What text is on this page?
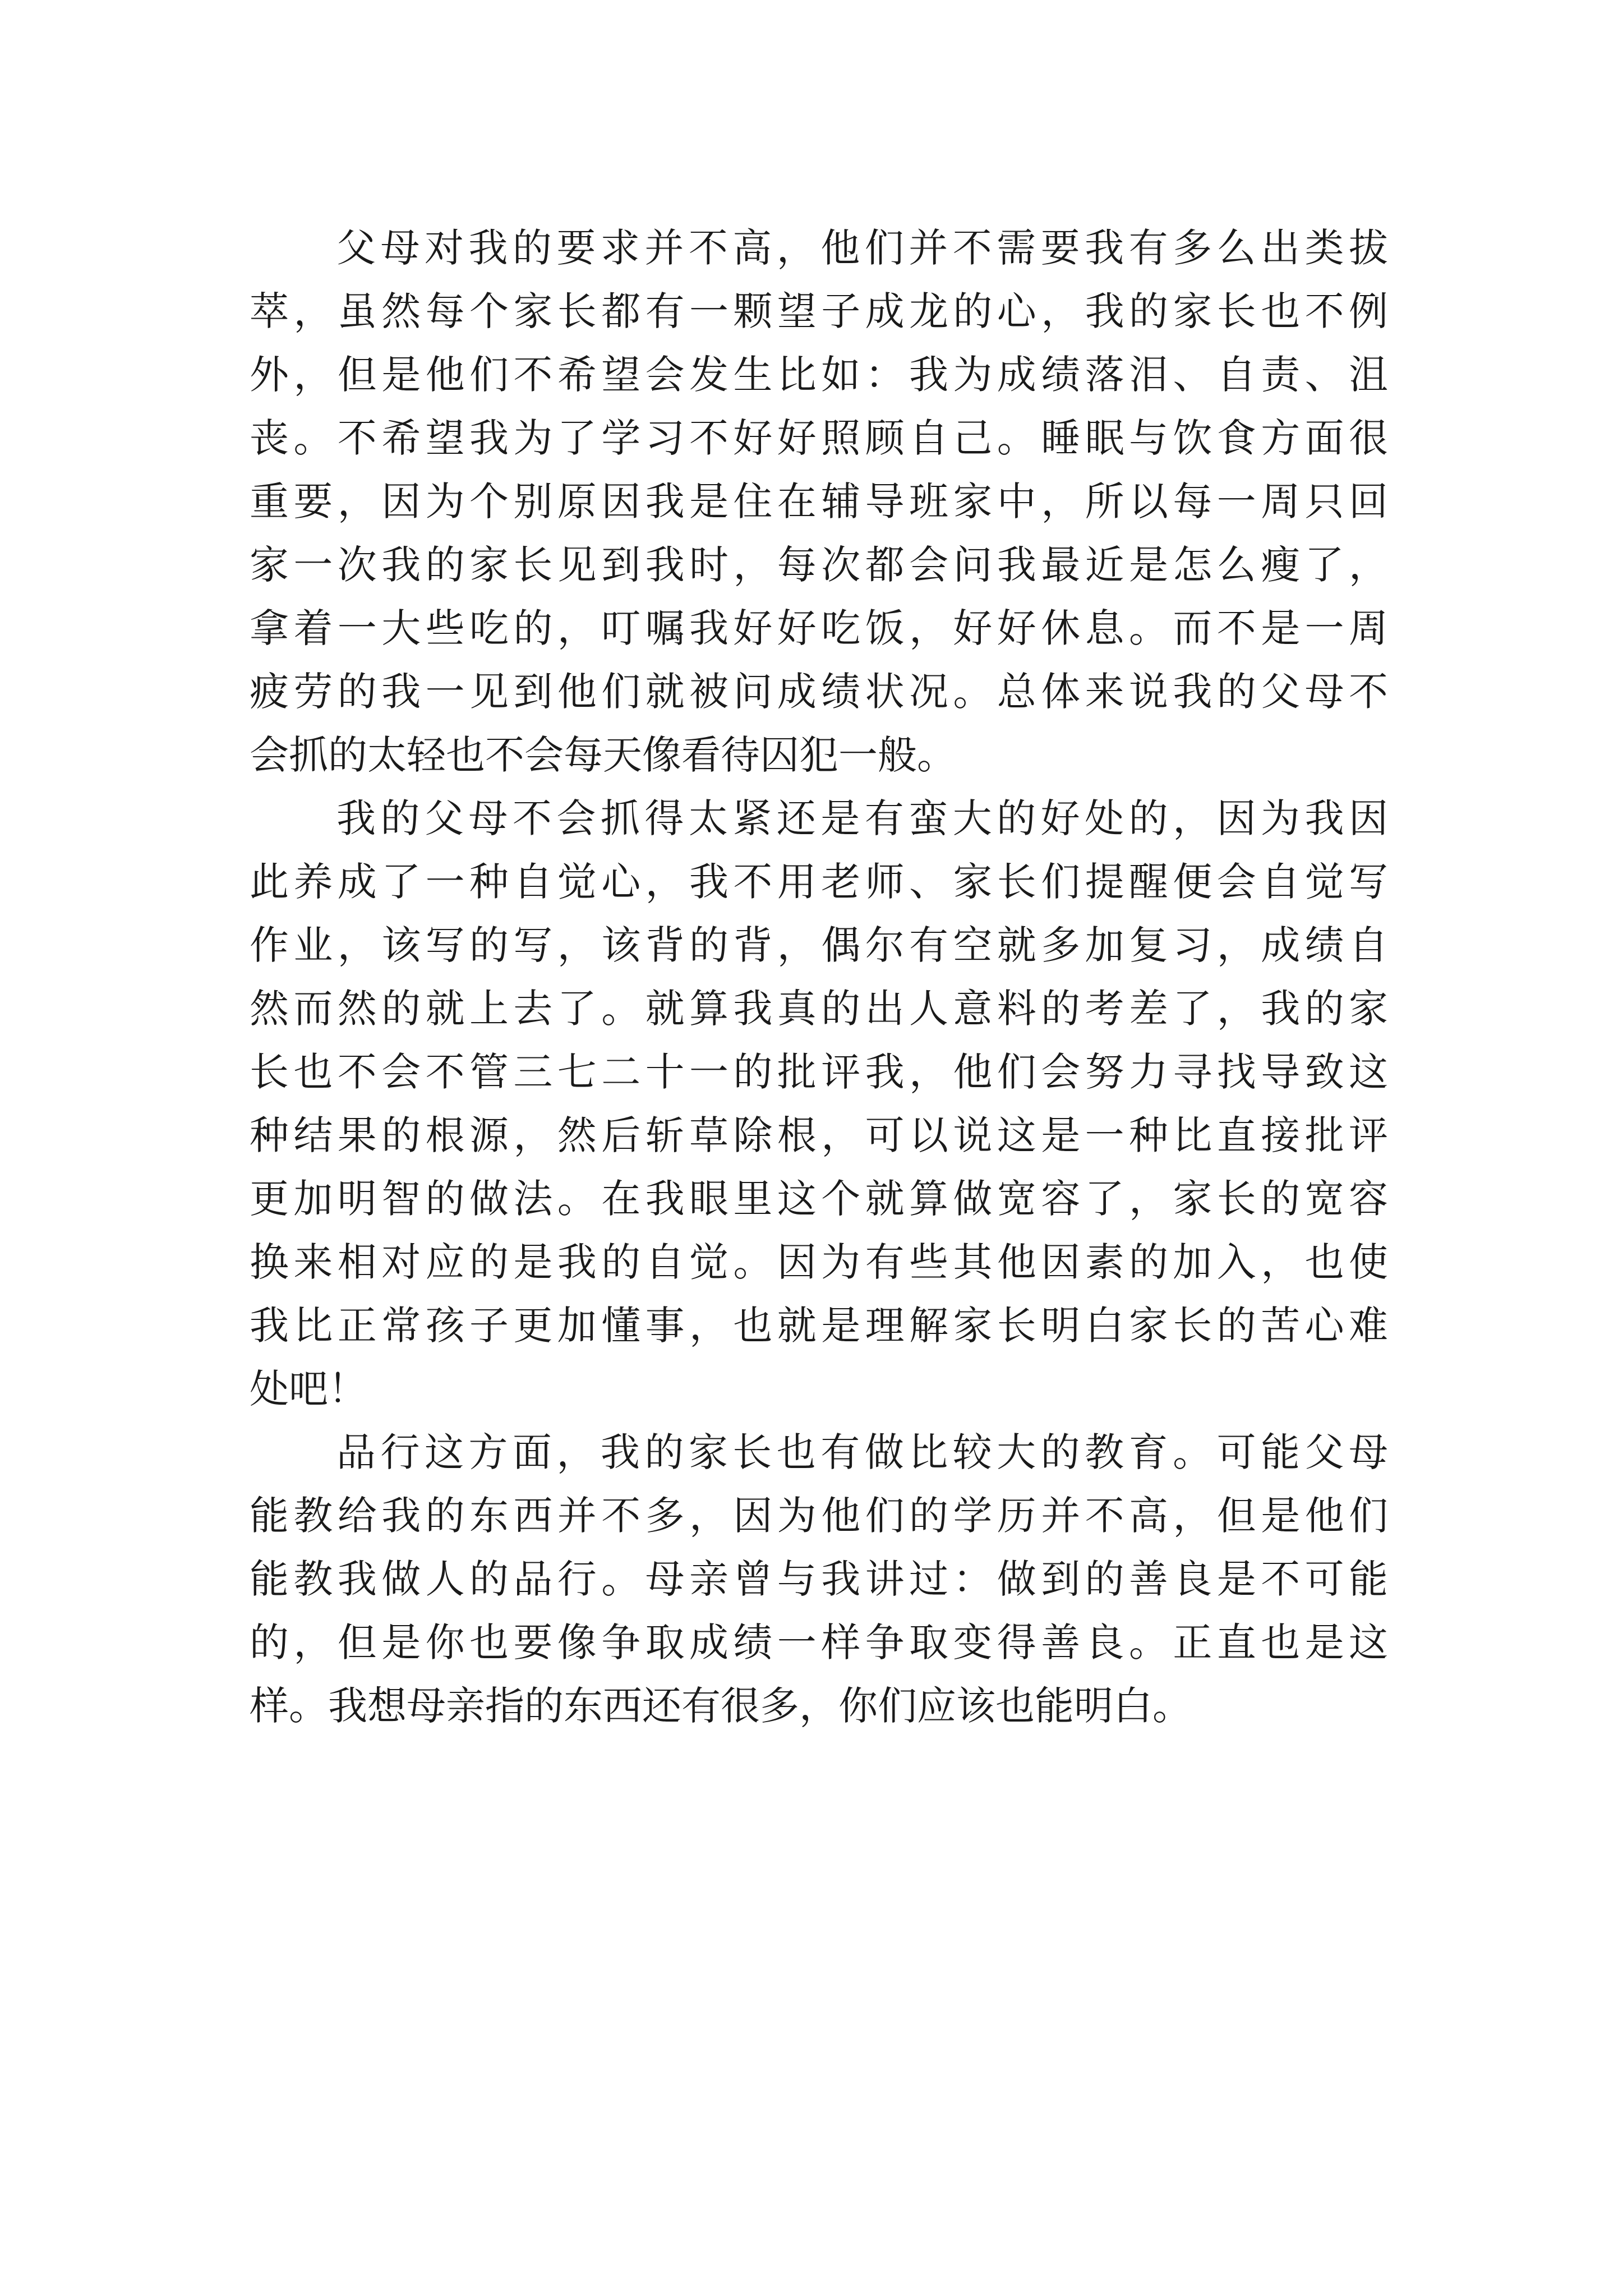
父母对我的要求并不高，他们并不需要我有多么出类拔
萃，虽然每个家长都有一颗望子成龙的心，我的家长也不例
外，但是他们不希望会发生比如：我为成绩落泪、自责、沮
丧。不希望我为了学习不好好照顾自己。睡眠与饮食方面很
重要，因为个别原因我是住在辅导班家中，所以每一周只回
家一次我的家长见到我时，每次都会问我最近是怎么瘦了，
拿着一大些吃的，叮嘱我好好吃饭，好好休息。而不是一周
疲劳的我一见到他们就被问成绩状况。总体来说我的父母不
会抓的太轻也不会每天像看待囚犯一般。
我的父母不会抓得太紧还是有蛮大的好处的，因为我因
此养成了一种自觉心，我不用老师、家长们提醒便会自觉写
作业，该写的写，该背的背，偶尔有空就多加复习，成绩自
然而然的就上去了。就算我真的出人意料的考差了，我的家
长也不会不管三七二十一的批评我，他们会努力寻找导致这
种结果的根源，然后斩草除根，可以说这是一种比直接批评
更加明智的做法。在我眼里这个就算做宽容了，家长的宽容
换来相对应的是我的自觉。因为有些其他因素的加入，也使
我比正常孩子更加懂事，也就是理解家长明白家长的苦心难
处吧！
品行这方面，我的家长也有做比较大的教育。可能父母
能教给我的东西并不多，因为他们的学历并不高，但是他们
能教我做人的品行。母亲曾与我讲过：做到的善良是不可能
的，但是你也要像争取成绩一样争取变得善良。正直也是这
样。我想母亲指的东西还有很多，你们应该也能明白。
